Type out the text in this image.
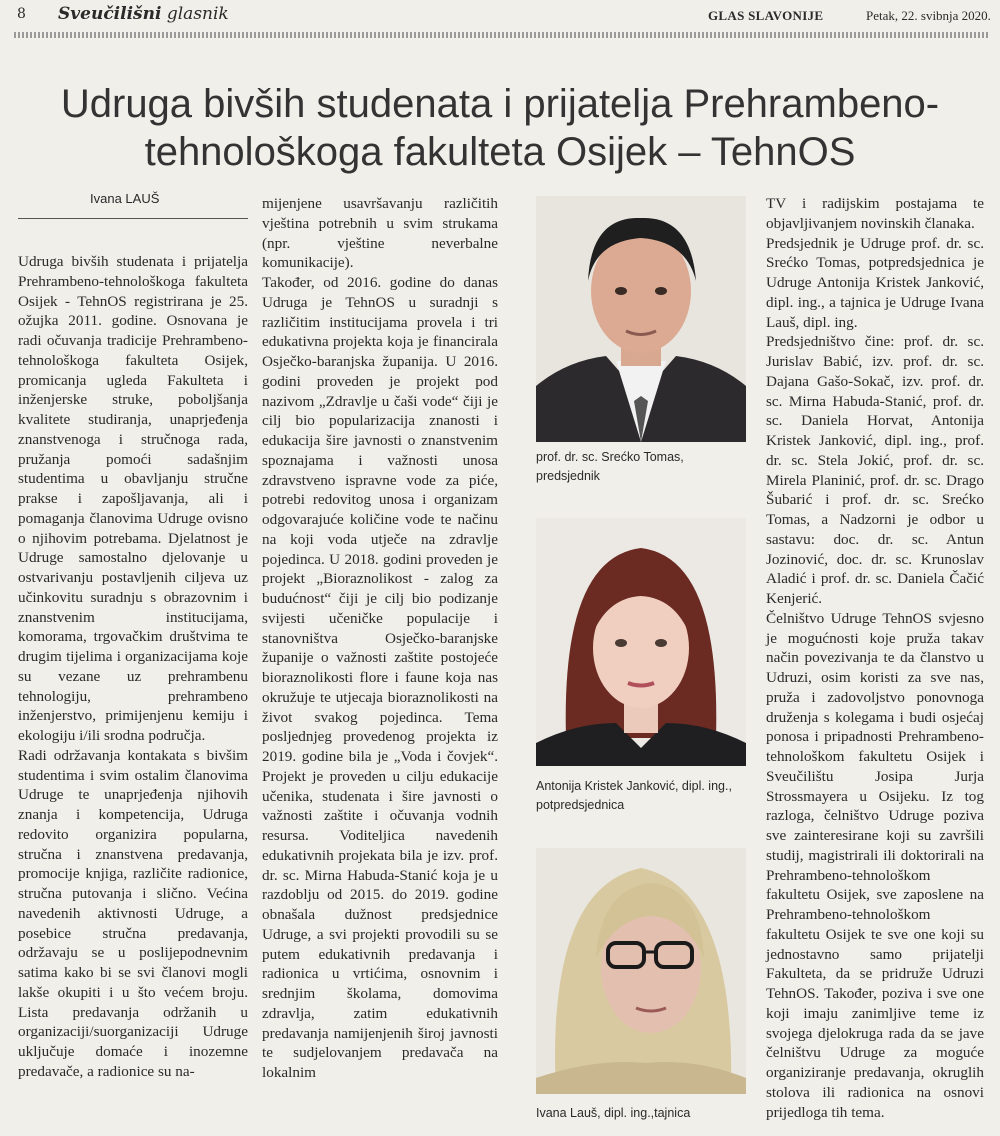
8 Sveučilišni glasnik	GLAS SLAVONIJE	Petak, 22. svibnja 2020.
Udruga bivših studenata i prijatelja Prehrambeno-tehnološkoga fakulteta Osijek – TehnOS
Ivana LAUŠ

Udruga bivših studenata i prijatelja Prehrambeno-tehnološkoga fakulteta Osijek - TehnOS registrirana je 25. ožujka 2011. godine. Osnovana je radi očuvanja tradicije Prehrambeno-tehnološkoga fakulteta Osijek, promicanja ugleda Fakulteta i inženjerske struke, poboljšanja kvalitete studiranja, unaprjeđenja znanstvenoga i stručnoga rada, pružanja pomoći sadašnjim studentima u obavljanju stručne prakse i zapošljavanja, ali i pomaganja članovima Udruge ovisno o njihovim potrebama. Djelatnost je Udruge samostalno djelovanje u ostvarivanju postavljenih ciljeva uz učinkovitu suradnju s obrazovnim i znanstvenim institucijama, komorama, trgovačkim društvima te drugim tijelima i organizacijama koje su vezane uz prehrambenu tehnologiju, prehrambeno inženjerstvo, primijenjenu kemiju i ekologiju i/ili srodna područja.

Radi održavanja kontakata s bivšim studentima i svim ostalim članovima Udruge te unaprjeđenja njihovih znanja i kompetencija, Udruga redovito organizira popularna, stručna i znanstvena predavanja, promocije knjiga, različite radionice, stručna putovanja i slično. Većina navedenih aktivnosti Udruge, a posebice stručna predavanja, održavaju se u poslijepodnevnim satima kako bi se svi članovi mogli lakše okupiti i u što većem broju. Lista predavanja održanih u organizaciji/suorganizaciji Udruge uključuje domaće i inozemne predavače, a radionice su na-

mijenjene usavršavanju različitih vještina potrebnih u svim strukama (npr. vještine neverbalne komunikacije).

Također, od 2016. godine do danas Udruga je TehnOS u suradnji s različitim institucijama provela i tri edukativna projekta koja je financirala Osječko-baranjska županija. U 2016. godini proveden je projekt pod nazivom „Zdravlje u čaši vode“ čiji je cilj bio popularizacija znanosti i edukacija šire javnosti o znanstvenim spoznajama i važnosti unosa zdravstveno ispravne vode za piće, potrebi redovitog unosa i organizam odgovarajuće količine vode te načinu na koji voda utječe na zdravlje pojedinca. U 2018. godini proveden je projekt „Bioraznolikost - zalog za budućnost“ čiji je cilj bio podizanje svijesti učeničke populacije i stanovništva Osječko-baranjske županije o važnosti zaštite postojeće bioraznolikosti flore i faune koja nas okružuje te utjecaja bioraznolikosti na život svakog pojedinca. Tema posljednjeg provedenog projekta iz 2019. godine bila je „Voda i čovjek“. Projekt je proveden u cilju edukacije učenika, studenata i šire javnosti o važnosti zaštite i očuvanja vodnih resursa. Voditeljica navedenih edukativnih projekata bila je izv. prof. dr. sc. Mirna Habuda-Stanić koja je u razdoblju od 2015. do 2019. godine obnašala dužnost predsjednice Udruge, a svi projekti provodili su se putem edukativnih predavanja i radionica u vrtićima, osnovnim i srednjim školama, domovima zdravlja, zatim edukativnih predavanja namijenjenih široj javnosti te sudjelovanjem predavača na lokalnim

prof. dr. sc. Srećko Tomas, predsjednik
Antonija Kristek Janković, dipl. ing., potpredsjednica
Ivana Lauš, dipl. ing.,tajnica

TV i radijskim postajama te objavljivanjem novinskih članaka.

Predsjednik je Udruge prof. dr. sc. Srećko Tomas, potpredsjednica je Udruge Antonija Kristek Janković, dipl. ing., a tajnica je Udruge Ivana Lauš, dipl. ing.

Predsjedništvo čine: prof. dr. sc. Jurislav Babić, izv. prof. dr. sc. Dajana Gašo-Sokač, izv. prof. dr. sc. Mirna Habuda-Stanić, prof. dr. sc. Daniela Horvat, Antonija Kristek Janković, dipl. ing., prof. dr. sc. Stela Jokić, prof. dr. sc. Mirela Planinić, prof. dr. sc. Drago Šubarić i prof. dr. sc. Srećko Tomas, a Nadzorni je odbor u sastavu: doc. dr. sc. Antun Jozinović, doc. dr. sc. Krunoslav Aladić i prof. dr. sc. Daniela Čačić Kenjerić.

Čelništvo Udruge TehnOS svjesno je mogućnosti koje pruža takav način povezivanja te da članstvo u Udruzi, osim koristi za sve nas, pruža i zadovoljstvo ponovnoga druženja s kolegama i budi osjećaj ponosa i pripadnosti Prehrambeno-tehnološkom fakultetu Osijek i Sveučilištu Josipa Jurja Strossmayera u Osijeku. Iz tog razloga, čelništvo Udruge poziva sve zainteresirane koji su završili studij, magistrirali ili doktorirali na Prehrambeno-tehnološkom fakultetu Osijek, sve zaposlene na Prehrambeno-tehnološkom fakultetu Osijek te sve one koji su jednostavno samo prijatelji Fakulteta, da se pridruže Udruzi TehnOS. Također, poziva i sve one koji imaju zanimljive teme iz svojega djelokruga rada da se jave čelništvu Udruge za moguće organiziranje predavanja, okruglih stolova ili radionica na osnovi prijedloga tih tema.
